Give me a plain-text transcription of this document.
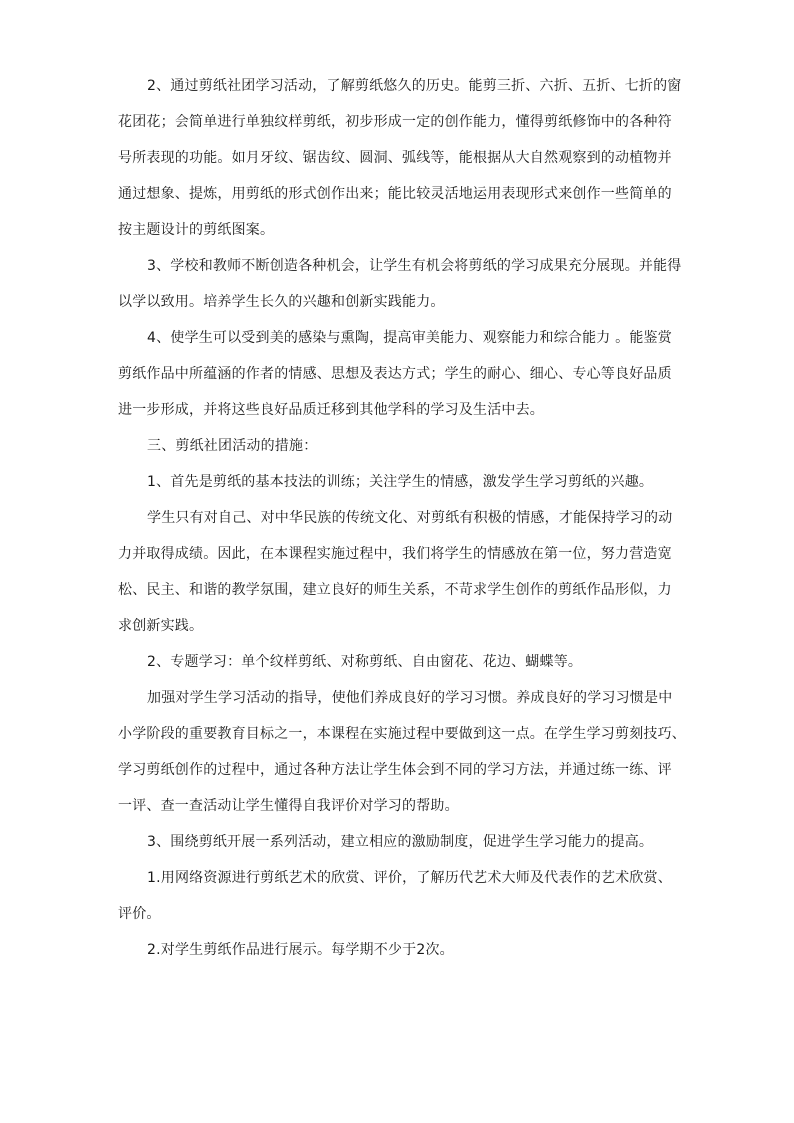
2、通过剪纸社团学习活动，了解剪纸悠久的历史。能剪三折、六折、五折、七折的窗
花团花；会简单进行单独纹样剪纸，初步形成一定的创作能力，懂得剪纸修饰中的各种符
号所表现的功能。如月牙纹、锯齿纹、圆洞、弧线等，能根据从大自然观察到的动植物并
通过想象、提炼，用剪纸的形式创作出来；能比较灵活地运用表现形式来创作一些简单的
按主题设计的剪纸图案。
3、学校和教师不断创造各种机会，让学生有机会将剪纸的学习成果充分展现。并能得
以学以致用。培养学生长久的兴趣和创新实践能力。
4、使学生可以受到美的感染与熏陶，提高审美能力、观察能力和综合能力 。能鉴赏
剪纸作品中所蕴涵的作者的情感、思想及表达方式；学生的耐心、细心、专心等良好品质
进一步形成，并将这些良好品质迁移到其他学科的学习及生活中去。
三、剪纸社团活动的措施：
1、首先是剪纸的基本技法的训练；关注学生的情感，激发学生学习剪纸的兴趣。
学生只有对自己、对中华民族的传统文化、对剪纸有积极的情感，才能保持学习的动
力并取得成绩。因此，在本课程实施过程中，我们将学生的情感放在第一位，努力营造宽
松、民主、和谐的教学氛围，建立良好的师生关系，不苛求学生创作的剪纸作品形似，力
求创新实践。
2、专题学习：单个纹样剪纸、对称剪纸、自由窗花、花边、蝴蝶等。
加强对学生学习活动的指导，使他们养成良好的学习习惯。养成良好的学习习惯是中
小学阶段的重要教育目标之一，本课程在实施过程中要做到这一点。在学生学习剪刻技巧、
学习剪纸创作的过程中，通过各种方法让学生体会到不同的学习方法，并通过练一练、评
一评、查一查活动让学生懂得自我评价对学习的帮助。
3、围绕剪纸开展一系列活动，建立相应的激励制度，促进学生学习能力的提高。
1.用网络资源进行剪纸艺术的欣赏、评价，了解历代艺术大师及代表作的艺术欣赏、
评价。
2.对学生剪纸作品进行展示。每学期不少于2次。
